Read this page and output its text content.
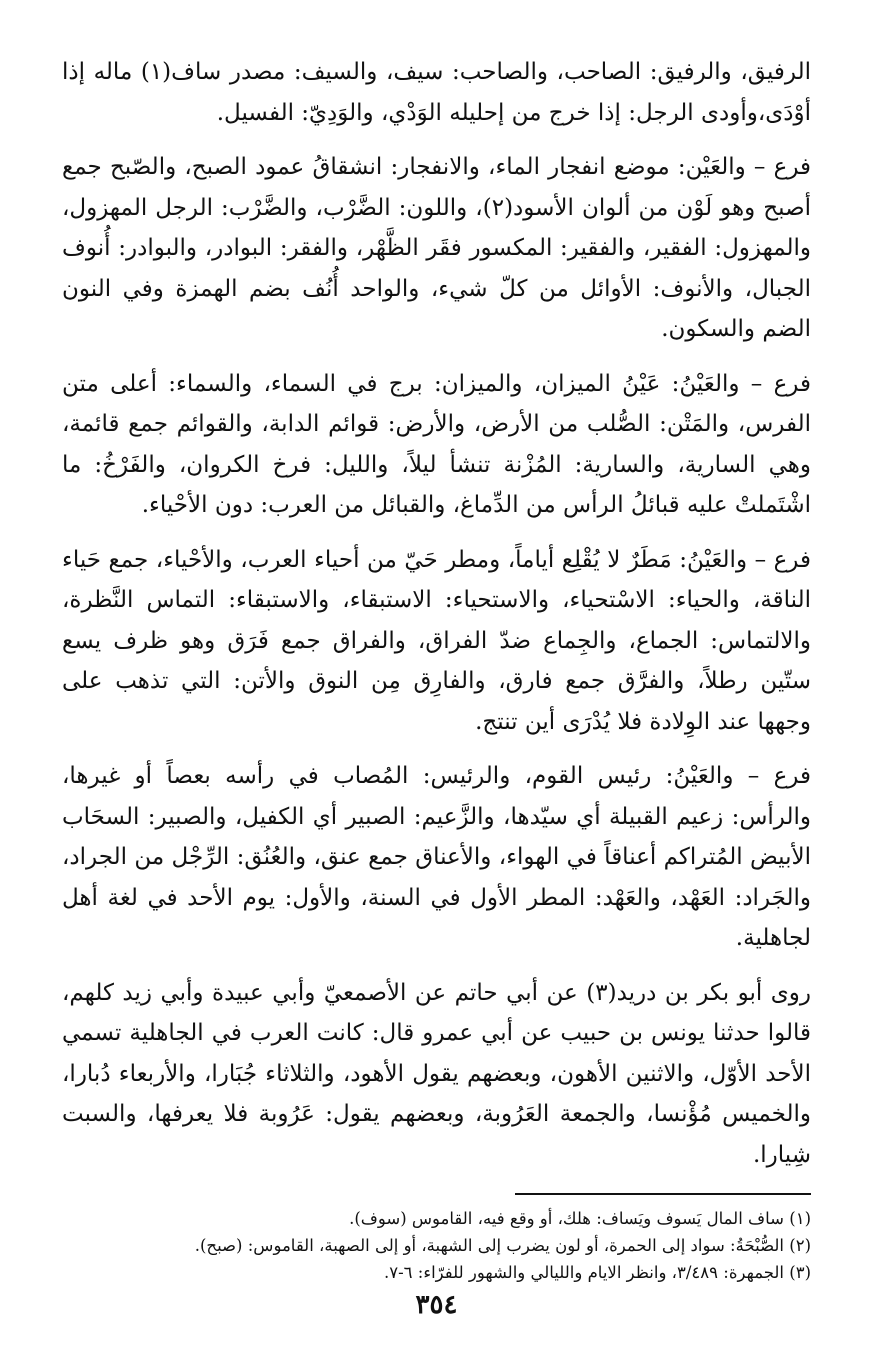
الرفيق، والرفيق: الصاحب، والصاحب: سيف، والسيف: مصدر ساف(١) ماله إذا أوْدَى،وأودى الرجل: إذا خرج من إحليله الوَدْي، والوَدِيّ: الفسيل.

فرع – والعَيْن: موضع انفجار الماء، والانفجار: انشقاقُ عمود الصبح، والصّبح جمع أصبح وهو لَوْن من ألوان الأسود(٢)، واللون: الضَّرْب، والضَّرْب: الرجل المهزول، والمهزول: الفقير، والفقير: المكسور فقَر الظَّهْر، والفقر: البوادر، والبوادر: أُنوف الجبال، والأنوف: الأوائل من كلّ شيء، والواحد أُنُف بضم الهمزة وفي النون الضم والسكون.

فرع – والعَيْنُ: عَيْنُ الميزان، والميزان: برج في السماء، والسماء: أعلى متن الفرس، والمَتْن: الصُّلب من الأرض، والأرض: قوائم الدابة، والقوائم جمع قائمة، وهي السارية، والسارية: المُزْنة تنشأ ليلاً، والليل: فرخ الكروان، والفَرْخُ: ما اشْتَملتْ عليه قبائلُ الرأس من الدِّماغ، والقبائل من العرب: دون الأحْياء.

فرع – والعَيْنُ: مَطَرٌ لا يُقْلِع أياماً، ومطر حَيّ من أحياء العرب، والأحْياء، جمع حَياء الناقة، والحياء: الاسْتحياء، والاستحياء: الاستبقاء، والاستبقاء: التماس النَّظرة، والالتماس: الجماع، والجِماع ضدّ الفراق، والفراق جمع فَرَق وهو ظرف يسع ستّين رطلاً، والفرَّق جمع فارق، والفارِق مِن النوق والأتن: التي تذهب على وجهها عند الوِلادة فلا يُدْرَى أين تنتج.

فرع – والعَيْنُ: رئيس القوم، والرئيس: المُصاب في رأسه بعصاً أو غيرها، والرأس: زعيم القبيلة أي سيّدها، والزَّعيم: الصبير أي الكفيل، والصبير: السحَاب الأبيض المُتراكم أعناقاً في الهواء، والأعناق جمع عنق، والعُنُق: الرِّجْل من الجراد، والجَراد: العَهْد، والعَهْد: المطر الأول في السنة، والأول: يوم الأحد في لغة أهل لجاهلية.

روى أبو بكر بن دريد(٣) عن أبي حاتم عن الأصمعيّ وأبي عبيدة وأبي زيد كلهم، قالوا حدثنا يونس بن حبيب عن أبي عمرو قال: كانت العرب في الجاهلية تسمي الأحد الأوّل، والاثنين الأهون، وبعضهم يقول الأهود، والثلاثاء جُبَارا، والأربعاء دُبارا، والخميس مُؤْنسا، والجمعة العَرُوبة، وبعضهم يقول: عَرُوبة فلا يعرفها، والسبت شِيارا.

(١) ساف المال يَسوف ويَساف: هلك، أو وقع فيه، القاموس (سوف).

(٢) الصُّبْحَةُ: سواد إلى الحمرة، أو لون يضرب إلى الشهبة، أو إلى الصهبة، القاموس: (صبح).

(٣) الجمهرة: ٣/٤٨٩، وانظر الايام والليالي والشهور للفرّاء: ٦-٧.

٣٥٤
